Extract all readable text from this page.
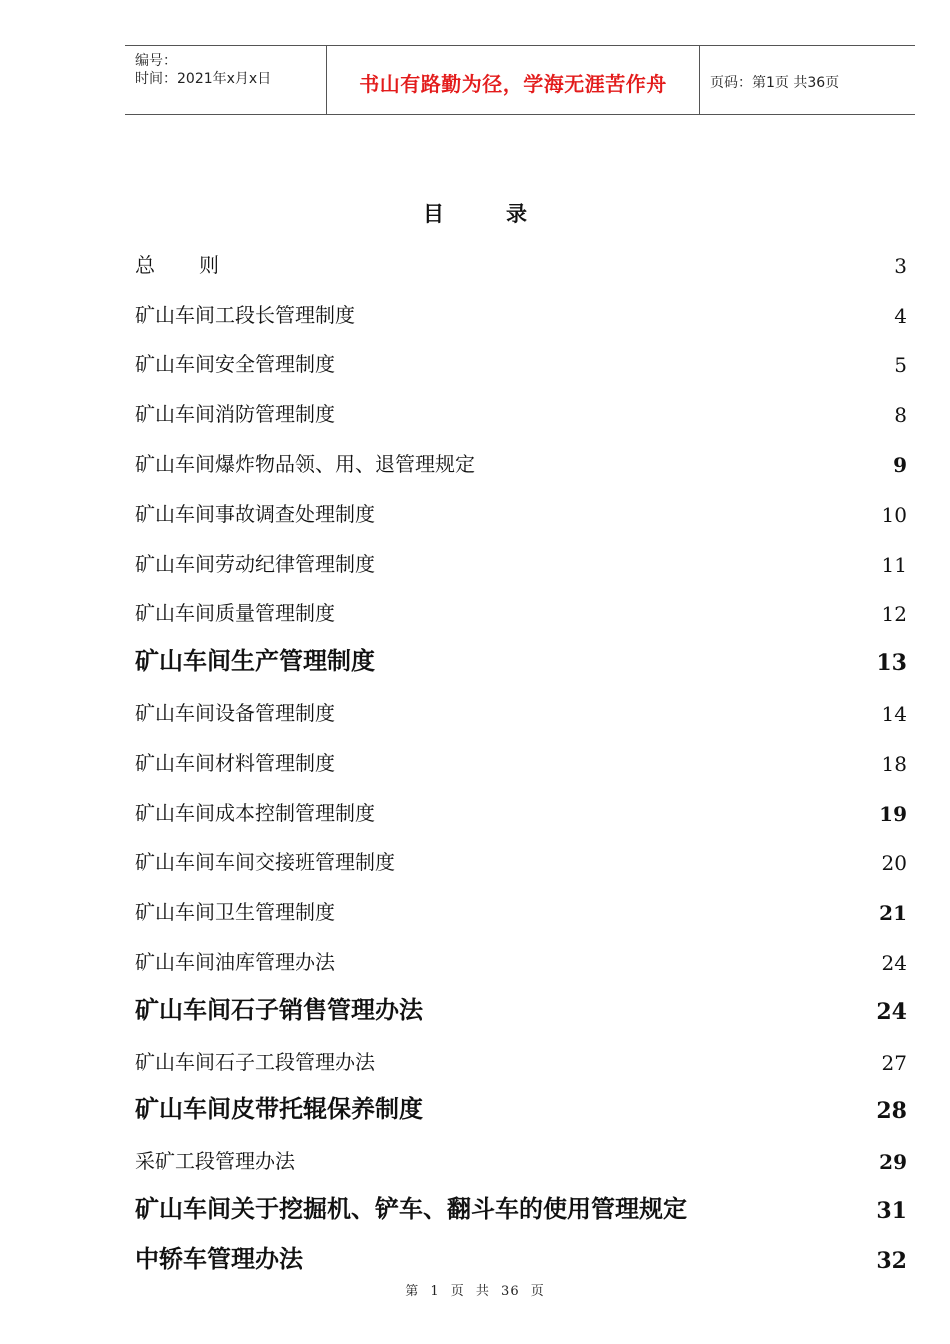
编号：
时间：2021年x月x日	书山有路勤为径，学海无涯苦作舟	页码：第1页 共36页
目录
总则	3
矿山车间工段长管理制度	4
矿山车间安全管理制度	5
矿山车间消防管理制度	8
矿山车间爆炸物品领、用、退管理规定	9
矿山车间事故调查处理制度	10
矿山车间劳动纪律管理制度	11
矿山车间质量管理制度	12
矿山车间生产管理制度	13
矿山车间设备管理制度	14
矿山车间材料管理制度	18
矿山车间成本控制管理制度	19
矿山车间车间交接班管理制度	20
矿山车间卫生管理制度	21
矿山车间油库管理办法	24
矿山车间石子销售管理办法	24
矿山车间石子工段管理办法	27
矿山车间皮带托辊保养制度	28
采矿工段管理办法	29
矿山车间关于挖掘机、铲车、翻斗车的使用管理规定	31
中轿车管理办法	32
第 1 页 共 36 页
